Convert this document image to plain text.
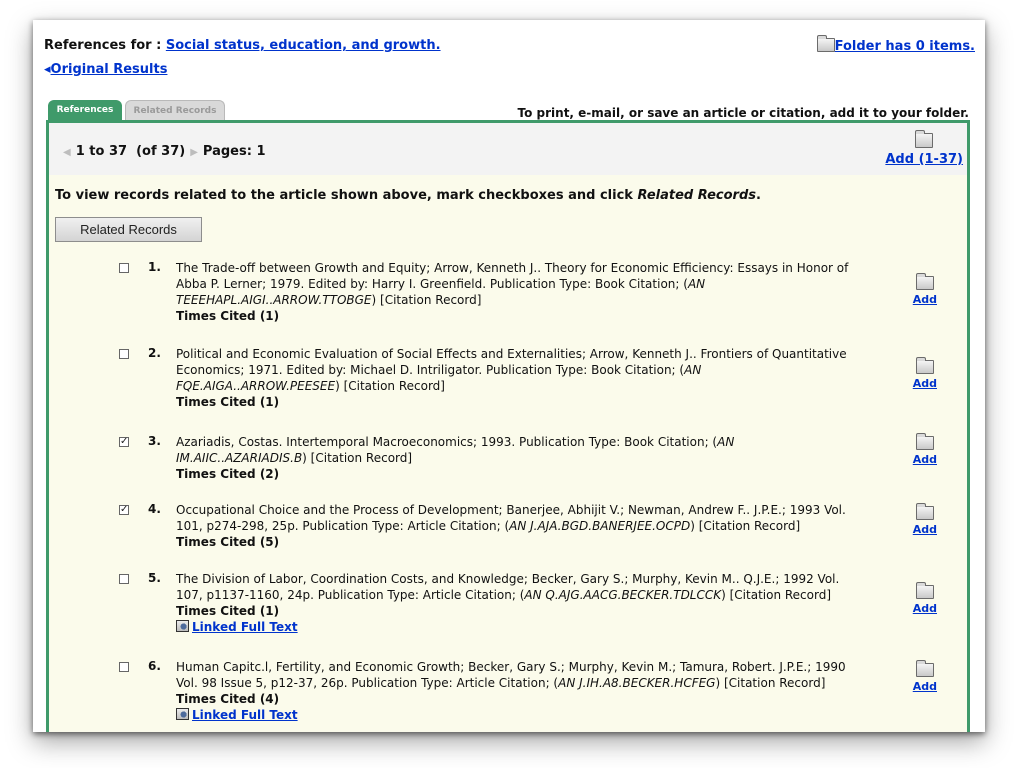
References for : Social status, education, and growth.
◂Original Results
Folder has 0 items.
References	Related Records	To print, e-mail, or save an article or citation, add it to your folder.
◀ 1 to 37 (of 37) ▶ Pages: 1
Add (1-37)
To view records related to the article shown above, mark checkboxes and click Related Records.
Related Records
1. The Trade-off between Growth and Equity; Arrow, Kenneth J.. Theory for Economic Efficiency: Essays in Honor of Abba P. Lerner; 1979. Edited by: Harry I. Greenfield. Publication Type: Book Citation; (AN TEEEHAPL.AIGI..ARROW.TTOBGE) [Citation Record]
Times Cited (1)
Add
2. Political and Economic Evaluation of Social Effects and Externalities; Arrow, Kenneth J.. Frontiers of Quantitative Economics; 1971. Edited by: Michael D. Intriligator. Publication Type: Book Citation; (AN FQE.AIGA..ARROW.PEESEE) [Citation Record]
Times Cited (1)
Add
✓ 3. Azariadis, Costas. Intertemporal Macroeconomics; 1993. Publication Type: Book Citation; (AN IM.AIIC..AZARIADIS.B) [Citation Record]
Times Cited (2)
Add
✓ 4. Occupational Choice and the Process of Development; Banerjee, Abhijit V.; Newman, Andrew F.. J.P.E.; 1993 Vol. 101, p274-298, 25p. Publication Type: Article Citation; (AN J.AJA.BGD.BANERJEE.OCPD) [Citation Record]
Times Cited (5)
Add
5. The Division of Labor, Coordination Costs, and Knowledge; Becker, Gary S.; Murphy, Kevin M.. Q.J.E.; 1992 Vol. 107, p1137-1160, 24p. Publication Type: Article Citation; (AN Q.AJG.AACG.BECKER.TDLCCK) [Citation Record]
Times Cited (1)
Linked Full Text
Add
6. Human Capitc.l, Fertility, and Economic Growth; Becker, Gary S.; Murphy, Kevin M.; Tamura, Robert. J.P.E.; 1990 Vol. 98 Issue 5, p12-37, 26p. Publication Type: Article Citation; (AN J.IH.A8.BECKER.HCFEG) [Citation Record]
Times Cited (4)
Linked Full Text
Add
